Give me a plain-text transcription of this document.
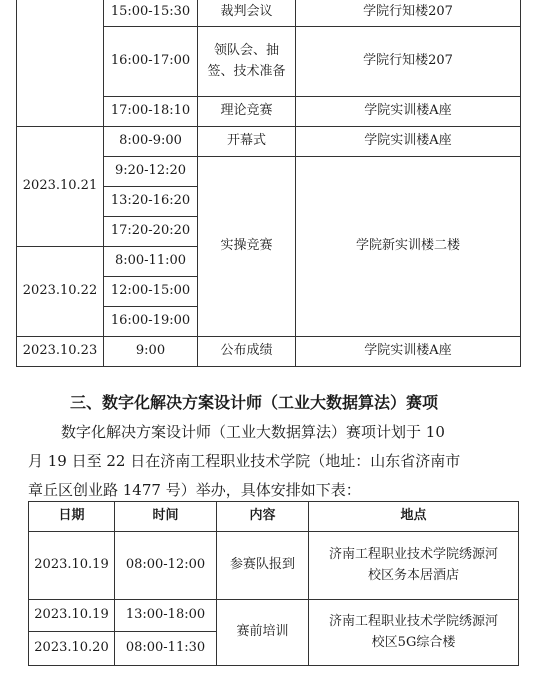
	15:00-15:30	裁判会议	学院行知楼207
	16:00-17:00	领队会、抽
签、技术准备	学院行知楼207
	17:00-18:10	理论竞赛	学院实训楼A座
2023.10.21	8:00-9:00	开幕式	学院实训楼A座
	9:20-12:20	实操竞赛	学院新实训楼二楼
	13:20-16:20		
	17:20-20:20		
2023.10.22	8:00-11:00		
	12:00-15:00		
	16:00-19:00		
2023.10.23	9:00	公布成绩	学院实训楼A座
三、数字化解决方案设计师（工业大数据算法）赛项
数字化解决方案设计师（工业大数据算法）赛项计划于 10
月 19 日至 22 日在济南工程职业技术学院（地址：山东省济南市
章丘区创业路 1477 号）举办，具体安排如下表：
日期	时间	内容	地点
2023.10.19	08:00-12:00	参赛队报到	济南工程职业技术学院绣源河
校区务本居酒店

2023.10.19	13:00-18:00	赛前培训	济南工程职业技术学院绣源河
校区5G综合楼

2023.10.20	08:00-11:30		
